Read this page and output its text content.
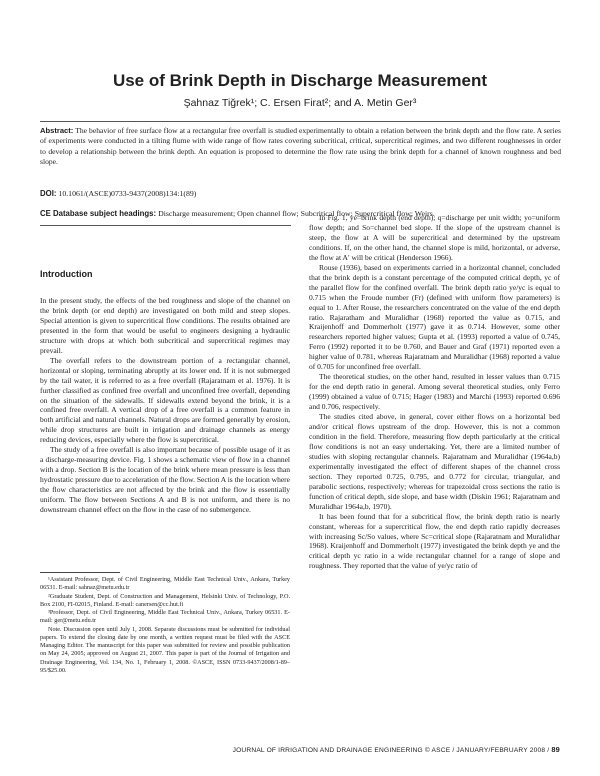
Use of Brink Depth in Discharge Measurement
Şahnaz Tiğrek¹; C. Ersen Firat²; and A. Metin Ger³
Abstract: The behavior of free surface flow at a rectangular free overfall is studied experimentally to obtain a relation between the brink depth and the flow rate. A series of experiments were conducted in a tilting flume with wide range of flow rates covering subcritical, critical, supercritical regimes, and two different roughnesses in order to develop a relationship between the brink depth. An equation is proposed to determine the flow rate using the brink depth for a channel of known roughness and bed slope.
DOI: 10.1061/(ASCE)0733-9437(2008)134:1(89)
CE Database subject headings: Discharge measurement; Open channel flow; Subcritical flow; Supercritical flow; Weirs.
Introduction

In the present study, the effects of the bed roughness and slope of the channel on the brink depth (or end depth) are investigated on both mild and steep slopes. Special attention is given to supercritical flow conditions. The results obtained are presented in the form that would be useful to engineers designing a hydraulic structure with drops at which both subcritical and supercritical regimes may prevail.

The overfall refers to the downstream portion of a rectangular channel, horizontal or sloping, terminating abruptly at its lower end. If it is not submerged by the tail water, it is referred to as a free overfall (Rajaratnam et al. 1976). It is further classified as confined free overfall and unconfined free overfall, depending on the situation of the sidewalls. If sidewalls extend beyond the brink, it is a confined free overfall. A vertical drop of a free overfall is a common feature in both artificial and natural channels. Natural drops are formed generally by erosion, while drop structures are built in irrigation and drainage channels as energy reducing devices, especially where the flow is supercritical.

The study of a free overfall is also important because of possible usage of it as a discharge-measuring device. Fig. 1 shows a schematic view of flow in a channel with a drop. Section B is the location of the brink where mean pressure is less than hydrostatic pressure due to acceleration of the flow. Section A is the location where the flow characteristics are not affected by the brink and the flow is essentially uniform. The flow between Sections A and B is not uniform, and there is no downstream channel effect on the flow in the case of no submergence.

¹Assistant Professor, Dept. of Civil Engineering, Middle East Technical Univ., Ankara, Turkey 06531. E-mail: sahnaz@metu.edu.tr

²Graduate Student, Dept. of Construction and Management, Helsinki Univ. of Technology, P.O. Box 2100, FI-02015, Finland. E-mail: canersen@cc.hut.fi

³Professor, Dept. of Civil Engineering, Middle East Technical Univ., Ankara, Turkey 06531. E-mail: ger@metu.edu.tr

Note. Discussion open until July 1, 2008. Separate discussions must be submitted for individual papers. To extend the closing date by one month, a written request must be filed with the ASCE Managing Editor. The manuscript for this paper was submitted for review and possible publication on May 24, 2005; approved on August 21, 2007. This paper is part of the Journal of Irrigation and Drainage Engineering, Vol. 134, No. 1, February 1, 2008. ©ASCE, ISSN 0733-9437/2008/1-89–95/$25.00.

In Fig. 1, ye=brink depth (end depth); q=discharge per unit width; yo=uniform flow depth; and So=channel bed slope. If the slope of the upstream channel is steep, the flow at A will be supercritical and determined by the upstream conditions. If, on the other hand, the channel slope is mild, horizontal, or adverse, the flow at A′ will be critical (Henderson 1966).

Rouse (1936), based on experiments carried in a horizontal channel, concluded that the brink depth is a constant percentage of the computed critical depth, yc of the parallel flow for the confined overfall. The brink depth ratio ye/yc is equal to 0.715 when the Froude number (Fr) (defined with uniform flow parameters) is equal to 1. After Rouse, the researchers concentrated on the value of the end depth ratio. Rajaratham and Muralidhar (1968) reported the value as 0.715, and Kraijenhoff and Dommerholt (1977) gave it as 0.714. However, some other researchers reported higher values; Gupta et al. (1993) reported a value of 0.745, Ferro (1992) reported it to be 0.760, and Bauer and Graf (1971) reported even a higher value of 0.781, whereas Rajaratnam and Muralidhar (1968) reported a value of 0.705 for unconfined free overfall.

The theoretical studies, on the other hand, resulted in lesser values than 0.715 for the end depth ratio in general. Among several theoretical studies, only Ferro (1999) obtained a value of 0.715; Hager (1983) and Marchi (1993) reported 0.696 and 0.706, respectively.

The studies cited above, in general, cover either flows on a horizontal bed and/or critical flows upstream of the drop. However, this is not a common condition in the field. Therefore, measuring flow depth particularly at the critical flow conditions is not an easy undertaking. Yet, there are a limited number of studies with sloping rectangular channels. Rajaratnam and Muralidhar (1964a,b) experimentally investigated the effect of different shapes of the channel cross section. They reported 0.725, 0.795, and 0.772 for circular, triangular, and parabolic sections, respectively; whereas for trapezoidal cross sections the ratio is function of critical depth, side slope, and base width (Diskin 1961; Rajaratnam and Muralidhar 1964a,b, 1970).

It has been found that for a subcritical flow, the brink depth ratio is nearly constant, whereas for a supercritical flow, the end depth ratio rapidly decreases with increasing Sc/So values, where Sc=critical slope (Rajaratnam and Muralidhar 1968). Kraijenhoff and Dommerholt (1977) investigated the brink depth ye and the critical depth yc ratio in a wide rectangular channel for a range of slope and roughness. They reported that the value of ye/yc ratio of

JOURNAL OF IRRIGATION AND DRAINAGE ENGINEERING © ASCE / JANUARY/FEBRUARY 2008 / 89
